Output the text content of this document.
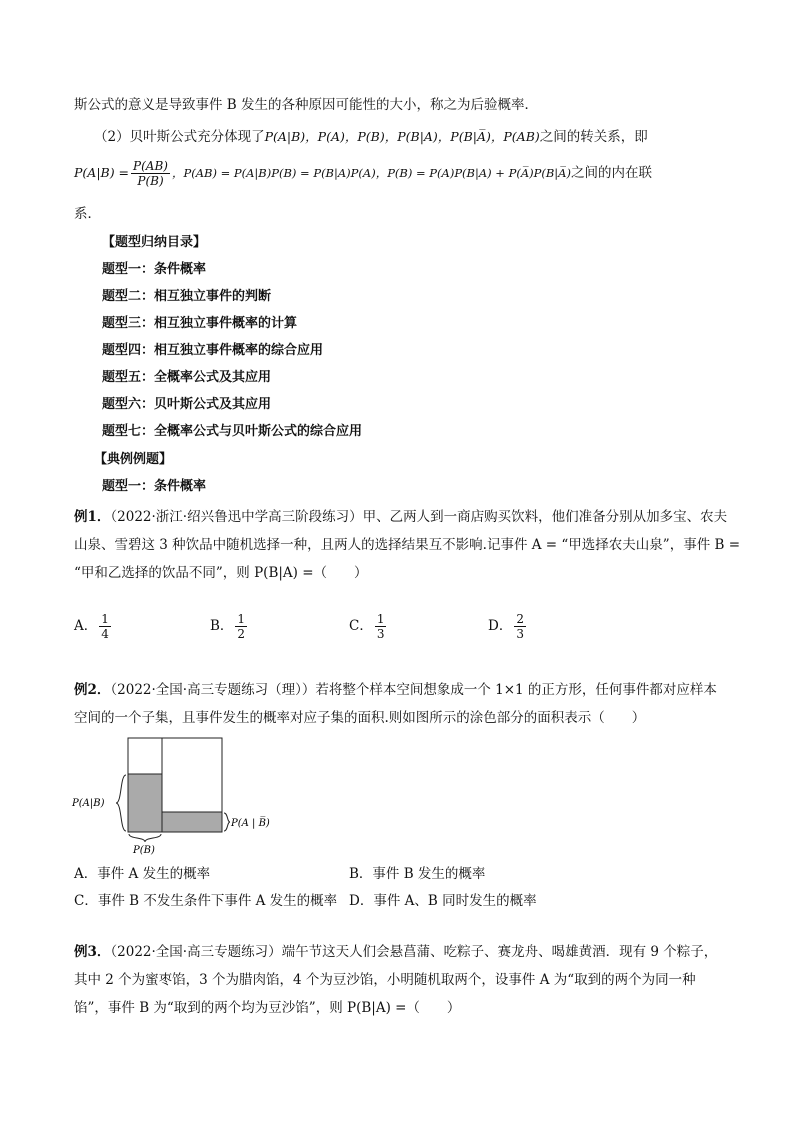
斯公式的意义是导致事件 B 发生的各种原因可能性的大小，称之为后验概率．
（2）贝叶斯公式充分体现了P(A|B)，P(A)，P(B)，P(B|A)，P(B|A̅)，P(AB)之间的转关系，即
$P(A|B) = \frac{P(AB)}{P(B)}$ ，P(AB) = P(A|B)P(B) = P(B|A)P(A)，P(B) = P(A)P(B|A) + P(A̅)P(B|A̅)之间的内在联
系．
【题型归纳目录】
题型一：条件概率
题型二：相互独立事件的判断
题型三：相互独立事件概率的计算
题型四：相互独立事件概率的综合应用
题型五：全概率公式及其应用
题型六：贝叶斯公式及其应用
题型七：全概率公式与贝叶斯公式的综合应用
【典例例题】
题型一：条件概率
例1．（2022·浙江·绍兴鲁迅中学高三阶段练习）甲、乙两人到一商店购买饮料，他们准备分别从加多宝、农夫
山泉、雪碧这 3 种饮品中随机选择一种，且两人的选择结果互不影响.记事件 A = “甲选择农夫山泉”，事件 B =
“甲和乙选择的饮品不同”，则 P(B|A) =（　　）
A． $\frac{1}{4}$	B． $\frac{1}{2}$	C． $\frac{1}{3}$	D． $\frac{2}{3}$
例2．（2022·全国·高三专题练习（理））若将整个样本空间想象成一个 1×1 的正方形，任何事件都对应样本
空间的一个子集，且事件发生的概率对应子集的面积.则如图所示的涂色部分的面积表示（　　）
P(A|B)
P(A | B̅)
P(B)
A．事件 A 发生的概率	B．事件 B 发生的概率
C．事件 B 不发生条件下事件 A 发生的概率 D．事件 A、B 同时发生的概率
例3．（2022·全国·高三专题练习）端午节这天人们会悬菖蒲、吃粽子、赛龙舟、喝雄黄酒．现有 9 个粽子，
其中 2 个为蜜枣馅，3 个为腊肉馅，4 个为豆沙馅，小明随机取两个，设事件 A 为“取到的两个为同一种
馅”，事件 B 为“取到的两个均为豆沙馅”，则 P(B|A) =（　　）
